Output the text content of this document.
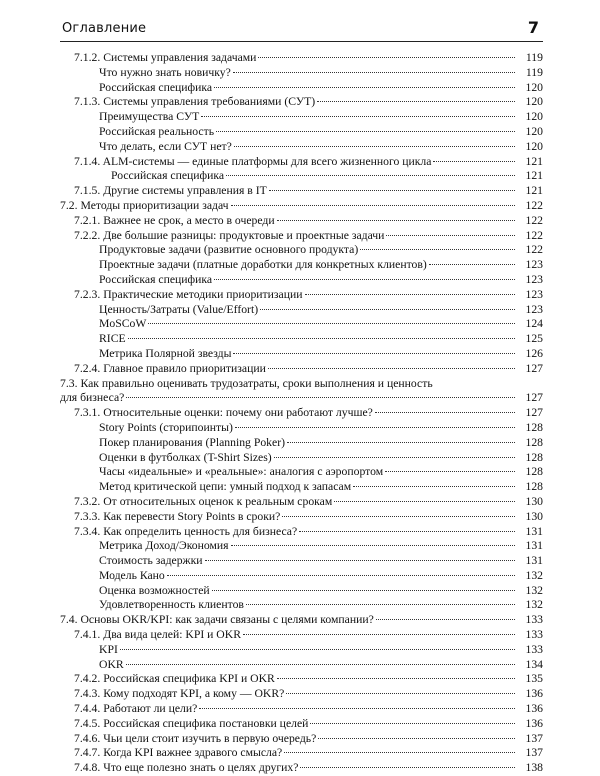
Оглавление	7
7.1.2. Системы управления задачами	119
Что нужно знать новичку?	119
Российская специфика	120
7.1.3. Системы управления требованиями (СУТ)	120
Преимущества СУТ	120
Российская реальность	120
Что делать, если СУТ нет?	120
7.1.4. ALM-системы — единые платформы для всего жизненного цикла	121
Российская специфика	121
7.1.5. Другие системы управления в IT	121
7.2. Методы приоритизации задач	122
7.2.1. Важнее не срок, а место в очереди	122
7.2.2. Две большие разницы: продуктовые и проектные задачи	122
Продуктовые задачи (развитие основного продукта)	122
Проектные задачи (платные доработки для конкретных клиентов)	123
Российская специфика	123
7.2.3. Практические методики приоритизации	123
Ценность/Затраты (Value/Effort)	123
MoSCoW	124
RICE	125
Метрика Полярной звезды	126
7.2.4. Главное правило приоритизации	127
7.3. Как правильно оценивать трудозатраты, сроки выполнения и ценность
для бизнеса?	127
7.3.1. Относительные оценки: почему они работают лучше?	127
Story Points (сторипоинты)	128
Покер планирования (Planning Poker)	128
Оценки в футболках (T-Shirt Sizes)	128
Часы «идеальные» и «реальные»: аналогия с аэропортом	128
Метод критической цепи: умный подход к запасам	128
7.3.2. От относительных оценок к реальным срокам	130
7.3.3. Как перевести Story Points в сроки?	130
7.3.4. Как определить ценность для бизнеса?	131
Метрика Доход/Экономия	131
Стоимость задержки	131
Модель Кано	132
Оценка возможностей	132
Удовлетворенность клиентов	132
7.4. Основы OKR/KPI: как задачи связаны с целями компании?	133
7.4.1. Два вида целей: KPI и OKR	133
KPI	133
OKR	134
7.4.2. Российская специфика KPI и OKR	135
7.4.3. Кому подходят KPI, а кому — OKR?	136
7.4.4. Работают ли цели?	136
7.4.5. Российская специфика постановки целей	136
7.4.6. Чьи цели стоит изучить в первую очередь?	137
7.4.7. Когда KPI важнее здравого смысла?	137
7.4.8. Что еще полезно знать о целях других?	138
